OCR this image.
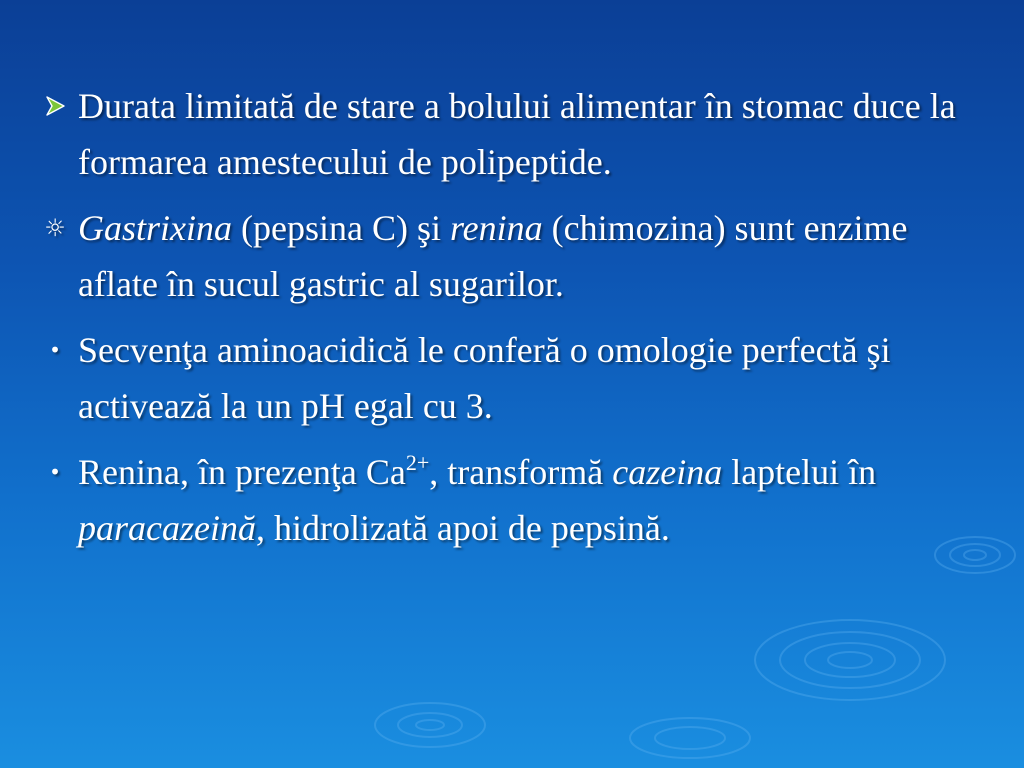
Durata limitată de stare a bolului alimentar în stomac duce la formarea amestecului de polipeptide.
☼ Gastrixina (pepsina C) şi renina (chimozina) sunt enzime aflate în sucul gastric al sugarilor.
• Secvenţa aminoacidică le conferă o omologie perfectă şi activează la un pH egal cu 3.
• Renina, în prezenţa $Ca^{2+}$, transformă cazeina laptelui în paracazeină, hidrolizată apoi de pepsină.
